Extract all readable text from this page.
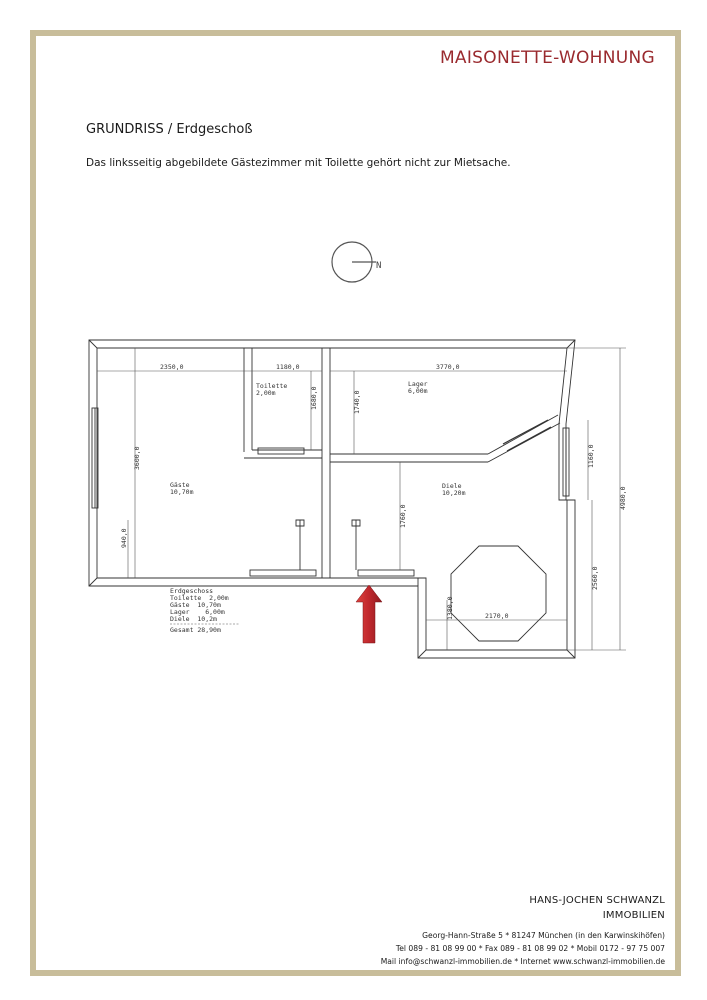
MAISONETTE-WOHNUNG
GRUNDRISS / Erdgeschoß
Das linksseitig abgebildete Gästezimmer mit Toilette gehört nicht zur Mietsache.
N
2350,0	1180,0	3770,0
1680,0	1740,0
3600,0
940,0
1760,0
1160,0
4980,0
2560,0
1380,0	2170,0
Toilette
2,00m
Lager
6,00m
Gäste
10,70m
Diele
10,20m
Erdgeschoss
Toilette  2,00m
Gäste  10,70m
Lager    6,00m
Diele  10,2m
Gesamt 28,90m
HANS-JOCHEN SCHWANZL
IMMOBILIEN
Georg-Hann-Straße 5 * 81247 München (in den Karwinskihöfen)
Tel 089 - 81 08 99 00 * Fax 089 - 81 08 99 02 * Mobil 0172 - 97 75 007
Mail info@schwanzl-immobilien.de * Internet www.schwanzl-immobilien.de
